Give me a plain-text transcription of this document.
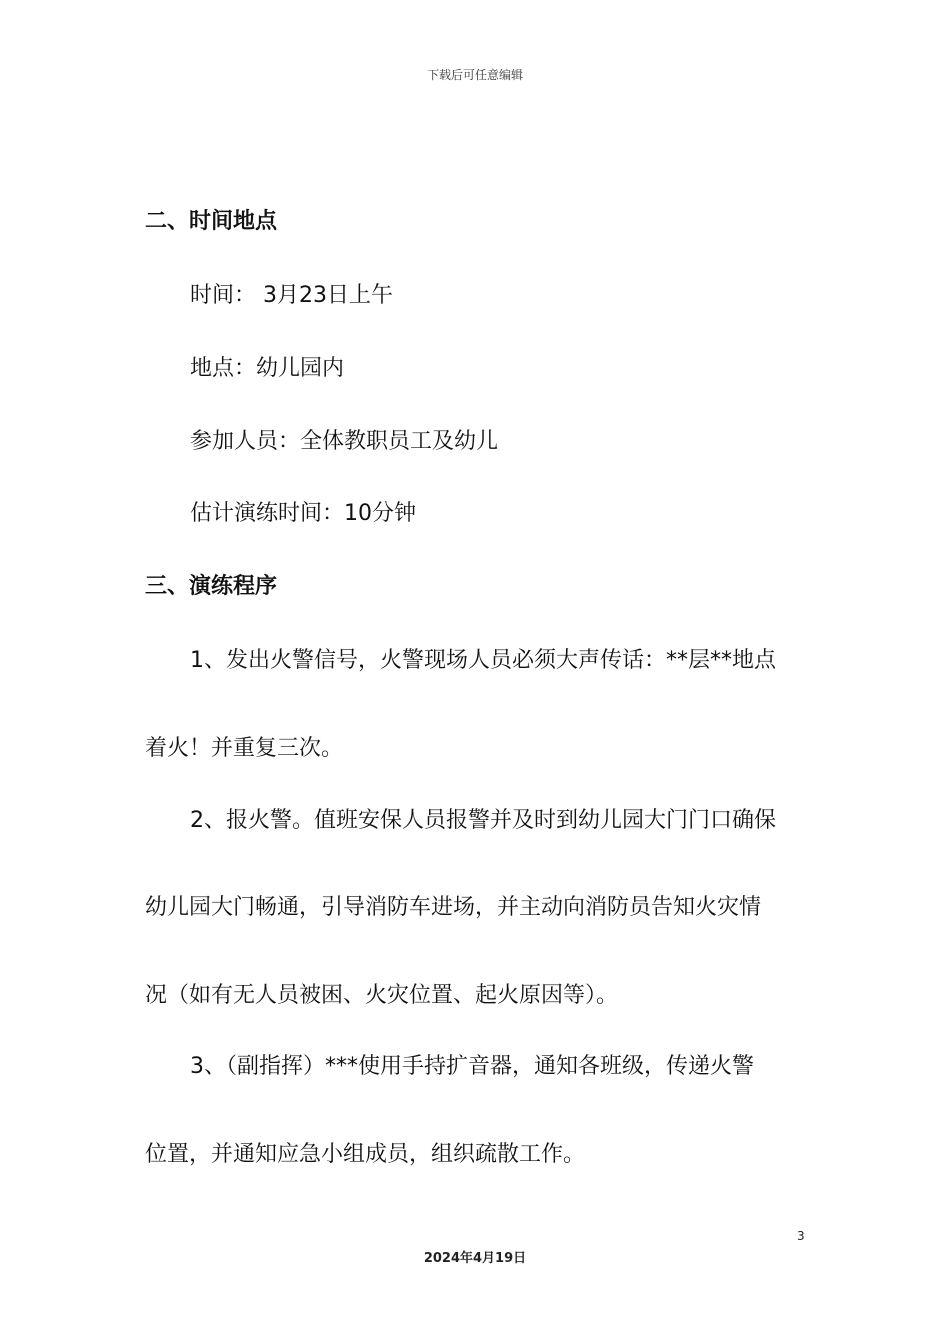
下载后可任意编辑
二、时间地点
时间： 3月23日上午
地点：幼儿园内
参加人员：全体教职员工及幼儿
估计演练时间：10分钟
三、演练程序
1、发出火警信号，火警现场人员必须大声传话：**层**地点
着火！并重复三次。
2、报火警。值班安保人员报警并及时到幼儿园大门门口确保
幼儿园大门畅通，引导消防车进场，并主动向消防员告知火灾情
况（如有无人员被困、火灾位置、起火原因等）。
3、（副指挥）***使用手持扩音器，通知各班级，传递火警
位置，并通知应急小组成员，组织疏散工作。
3
2024年4月19日
